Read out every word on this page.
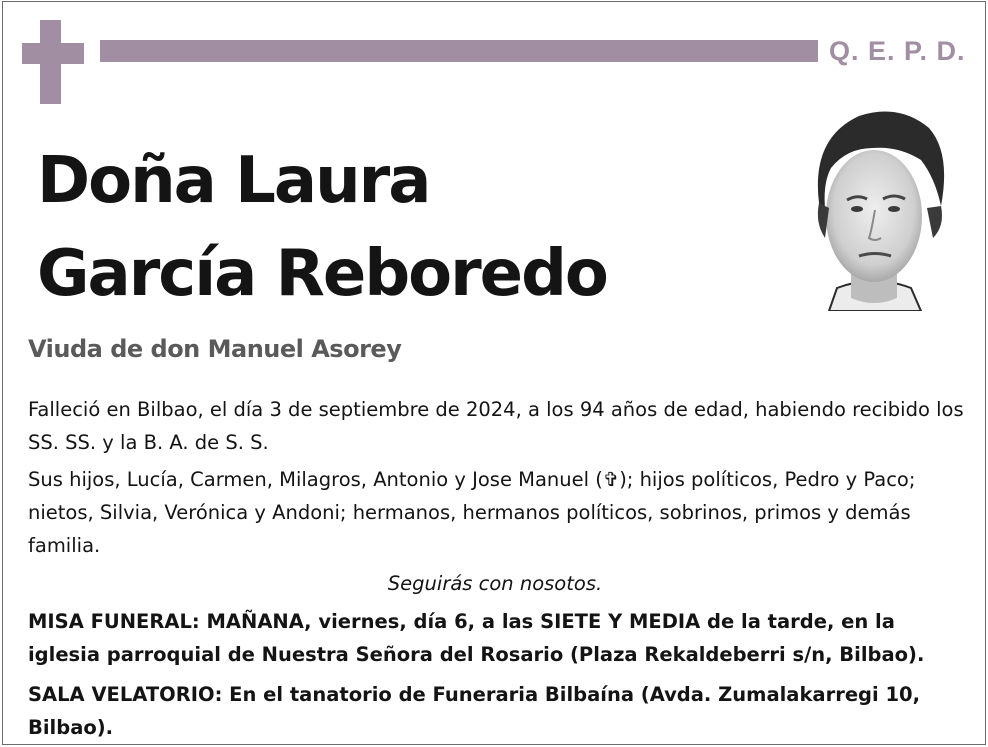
Q. E. P. D.
Doña Laura
García Reboredo
Viuda de don Manuel Asorey

Falleció en Bilbao, el día 3 de septiembre de 2024, a los 94 años de edad, habiendo recibido los SS. SS. y la B. A. de S. S.

Sus hijos, Lucía, Carmen, Milagros, Antonio y Jose Manuel (✞); hijos políticos, Pedro y Paco; nietos, Silvia, Verónica y Andoni; hermanos, hermanos políticos, sobrinos, primos y demás familia.

Seguirás con nosotos.

MISA FUNERAL: MAÑANA, viernes, día 6, a las SIETE Y MEDIA de la tarde, en la iglesia parroquial de Nuestra Señora del Rosario (Plaza Rekaldeberri s/n, Bilbao).

SALA VELATORIO: En el tanatorio de Funeraria Bilbaína (Avda. Zumalakarregi 10, Bilbao).
